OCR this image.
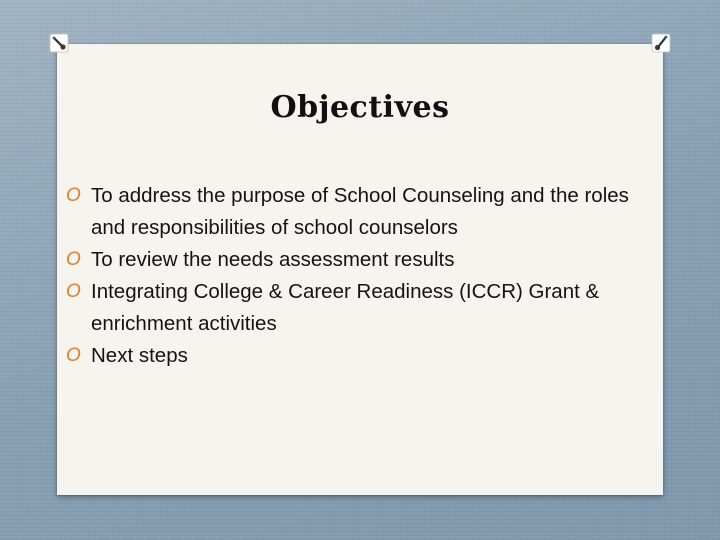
Objectives
O To address the purpose of School Counseling and the roles and responsibilities of school counselors
O To review the needs assessment results
O Integrating College & Career Readiness (ICCR) Grant & enrichment activities
O Next steps
